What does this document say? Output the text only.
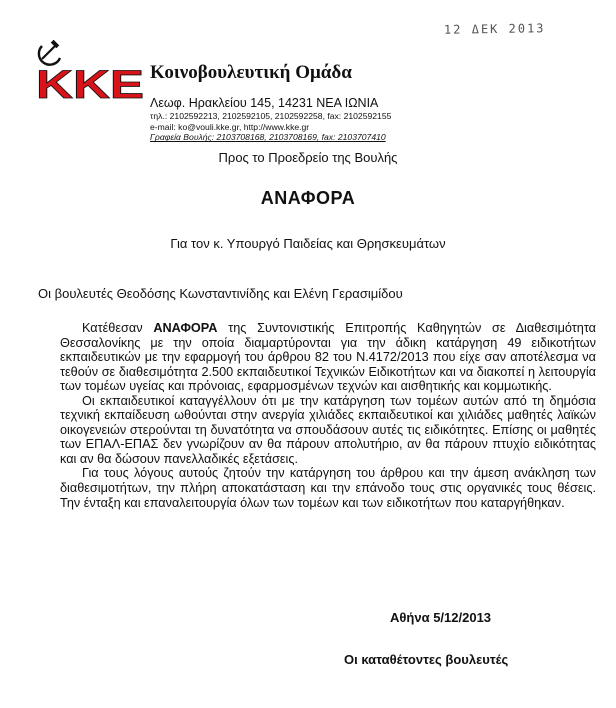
12 ΔΕΚ 2013
KKE Κοινοβουλευτική Ομάδα
Λεωφ. Ηρακλείου 145, 14231 ΝΕΑ ΙΩΝΙΑ
τηλ.: 2102592213, 2102592105, 2102592258, fax: 2102592155
e-mail: ko@vouli.kke.gr, http://www.kke.gr
Γραφεία Βουλής: 2103708168, 2103708169, fax: 2103707410
Προς το Προεδρείο της Βουλής
ΑΝΑΦΟΡΑ
Για τον κ. Υπουργό Παιδείας και Θρησκευμάτων
Οι βουλευτές Θεοδόσης Κωνσταντινίδης και Ελένη Γερασιμίδου

Κατέθεσαν ΑΝΑΦΟΡΑ της Συντονιστικής Επιτροπής Καθηγητών σε Διαθεσιμότητα Θεσσαλονίκης με την οποία διαμαρτύρονται για την άδικη κατάργηση 49 ειδικοτήτων εκπαιδευτικών με την εφαρμογή του άρθρου 82 του Ν.4172/2013 που είχε σαν αποτέλεσμα να τεθούν σε διαθεσιμότητα 2.500 εκπαιδευτικοί Τεχνικών Ειδικοτήτων και να διακοπεί η λειτουργία των τομέων υγείας και πρόνοιας, εφαρμοσμένων τεχνών και αισθητικής και κομμωτικής.

Οι εκπαιδευτικοί καταγγέλλουν ότι με την κατάργηση των τομέων αυτών από τη δημόσια τεχνική εκπαίδευση ωθούνται στην ανεργία χιλιάδες εκπαιδευτικοί και χιλιάδες μαθητές λαϊκών οικογενειών στερούνται τη δυνατότητα να σπουδάσουν αυτές τις ειδικότητες. Επίσης οι μαθητές των ΕΠΑΛ-ΕΠΑΣ δεν γνωρίζουν αν θα πάρουν απολυτήριο, αν θα πάρουν πτυχίο ειδικότητας και αν θα δώσουν πανελλαδικές εξετάσεις.

Για τους λόγους αυτούς ζητούν την κατάργηση του άρθρου και την άμεση ανάκληση των διαθεσιμοτήτων, την πλήρη αποκατάσταση και την επάνοδο τους στις οργανικές τους θέσεις. Την ένταξη και επαναλειτουργία όλων των τομέων και των ειδικοτήτων που καταργήθηκαν.

Αθήνα 5/12/2013
Οι καταθέτοντες βουλευτές
